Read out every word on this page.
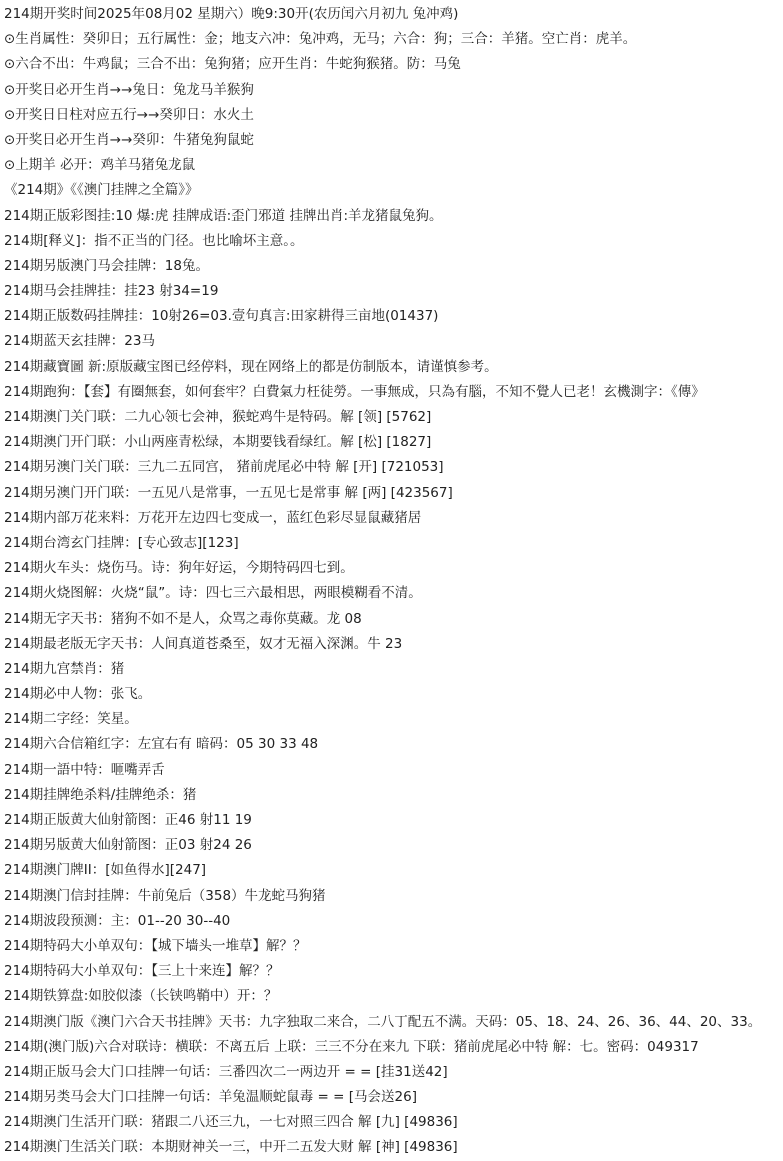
214期开奖时间2025年08月02 星期六）晚9:30开(农历闰六月初九 兔冲鸡)
⊙生肖属性：癸卯日；五行属性：金；地支六冲：兔冲鸡，无马；六合：狗；三合：羊猪。空亡肖：虎羊。
⊙六合不出：牛鸡鼠；三合不出：兔狗猪；应开生肖：牛蛇狗猴猪。防：马兔
⊙开奖日必开生肖→→兔日：兔龙马羊猴狗
⊙开奖日日柱对应五行→→癸卯日：水火土
⊙开奖日必开生肖→→癸卯：牛猪兔狗鼠蛇
⊙上期羊 必开：鸡羊马猪兔龙鼠
《214期》《《澳门挂牌之全篇》》
214期正版彩图挂:10 爆:虎 挂牌成语:歪门邪道 挂牌出肖:羊龙猪鼠兔狗。
214期[释义]：指不正当的门径。也比喻坏主意。。
214期另版澳门马会挂牌：18兔。
214期马会挂牌挂：挂23 射34=19
214期正版数码挂牌挂：10射26=03.壹句真言:田家耕得三亩地(01437)
214期蓝天玄挂牌：23马
214期藏寶圖 新:原版藏宝图已经停料，现在网络上的都是仿制版本，请谨慎参考。
214期跑狗：【套】有圈無套，如何套牢？白費氣力枉徒勞。一事無成，只為有腦，不知不覺人已老！玄機測字：《傳》
214期澳门关门联：二九心领七会神，猴蛇鸡牛是特码。解 [领] [5762]
214期澳门开门联：小山两座青松绿，本期要钱看绿红。解 [松] [1827]
214期另澳门关门联：三九二五同宫， 猪前虎尾必中特 解 [开] [721053]
214期另澳门开门联：一五见八是常事，一五见七是常事 解 [两] [423567]
214期内部万花来料：万花开左边四七变成一，蓝红色彩尽显鼠藏猪居
214期台湾玄门挂牌：[专心致志][123]
214期火车头：烧伤马。诗：狗年好运，今期特码四七到。
214期火烧图解：火烧“鼠”。诗：四七三六最相思，两眼模糊看不清。
214期无字天书：猪狗不如不是人，众骂之毒你莫藏。龙 08
214期最老版无字天书：人间真道苍桑至，奴才无福入深渊。牛 23
214期九宫禁肖：猪
214期必中人物：张飞。
214期二字经：笑星。
214期六合信箱红字：左宜右有 暗码：05 30 33 48
214期一語中特：咂嘴弄舌
214期挂牌绝杀料/挂牌绝杀：猪
214期正版黄大仙射箭图：正46 射11 19
214期另版黄大仙射箭图：正03 射24 26
214期澳门牌II：[如鱼得水][247]
214期澳门信封挂牌：牛前兔后（358）牛龙蛇马狗猪
214期波段预测：主：01--20 30--40
214期特码大小单双句：【城下墙头一堆草】解？？
214期特码大小单双句：【三上十来连】解？？
214期铁算盘:如胶似漆（长铗鸣鞘中）开：？
214期澳门版《澳门六合天书挂牌》天书：九字独取二来合，二八丁配五不满。天码：05、18、24、26、36、44、20、33。
214期(澳门版)六合对联诗：横联：不离五后 上联：三三不分在来九 下联：猪前虎尾必中特 解：七。密码：049317
214期正版马会大门口挂牌一句话：三番四次二一两边开 = = [挂31送42]
214期另类马会大门口挂牌一句话：羊兔温顺蛇鼠毒 = = [马会送26]
214期澳门生活开门联：猪跟二八还三九，一七对照三四合 解 [九] [49836]
214期澳门生活关门联：本期财神关一三，中开二五发大财 解 [神] [49836]
